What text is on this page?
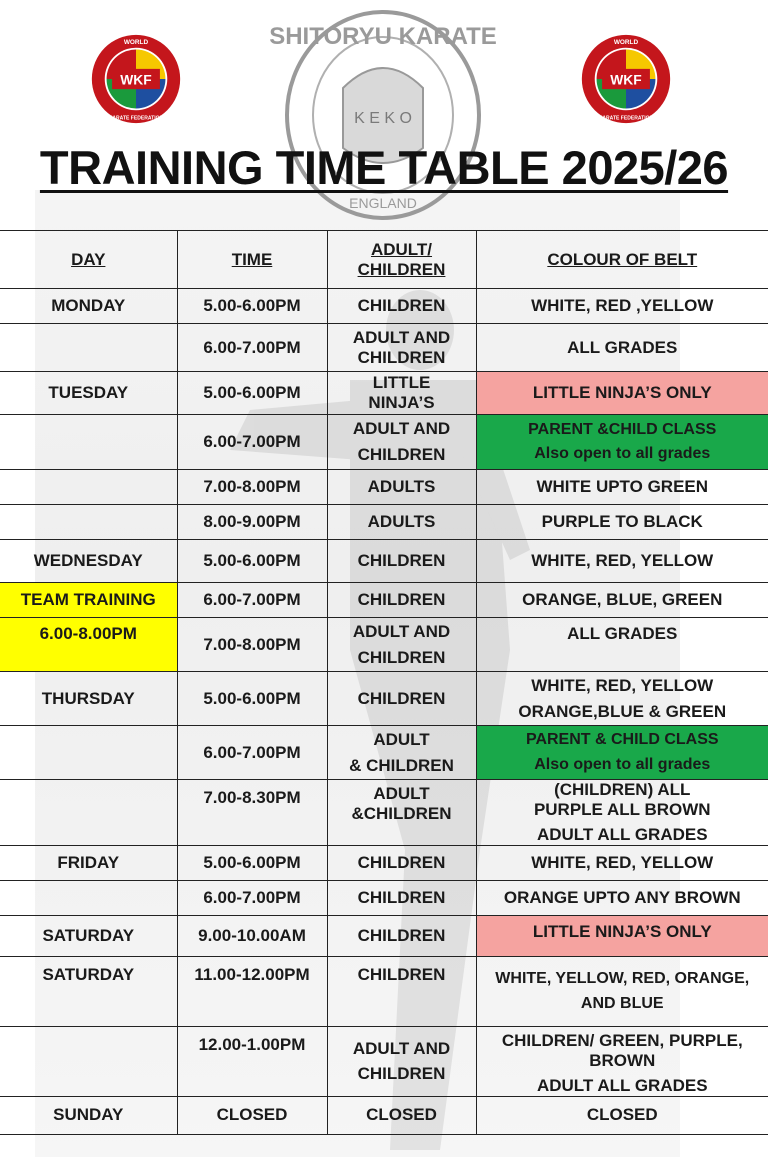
WKF
WORLD
KARATE FEDERATION
WKF
WORLD
KARATE FEDERATION
SHITORYU KARATE
K E K O
ENGLAND
TRAINING TIME TABLE 2025/26
DAY	TIME	ADULT/
CHILDREN	COLOUR OF BELT
MONDAY	5.00-6.00PM	CHILDREN	WHITE, RED ,YELLOW

	6.00-7.00PM	ADULT AND
CHILDREN	ALL GRADES

TUESDAY	5.00-6.00PM	LITTLE
NINJA’S	LITTLE NINJA’S ONLY

	6.00-7.00PM	ADULT AND
CHILDREN	PARENT &CHILD CLASS
Also open to all grades

	7.00-8.00PM	ADULTS	WHITE UPTO GREEN

	8.00-9.00PM	ADULTS	PURPLE TO BLACK

WEDNESDAY	5.00-6.00PM	CHILDREN	WHITE, RED, YELLOW

TEAM TRAINING	6.00-7.00PM	CHILDREN	ORANGE, BLUE, GREEN

6.00-8.00PM	7.00-8.00PM	ADULT AND
CHILDREN	ALL GRADES

THURSDAY	5.00-6.00PM	CHILDREN	WHITE, RED, YELLOW
ORANGE,BLUE & GREEN

	6.00-7.00PM	ADULT
& CHILDREN	PARENT & CHILD CLASS
Also open to all grades

	7.00-8.30PM	ADULT
&CHILDREN	(CHILDREN) ALL PURPLE ALL BROWN
ADULT ALL GRADES

FRIDAY	5.00-6.00PM	CHILDREN	WHITE, RED, YELLOW

	6.00-7.00PM	CHILDREN	ORANGE UPTO ANY BROWN

SATURDAY	9.00-10.00AM	CHILDREN	LITTLE NINJA’S ONLY

SATURDAY	11.00-12.00PM	CHILDREN	WHITE, YELLOW, RED, ORANGE,
AND BLUE

	12.00-1.00PM	ADULT AND
CHILDREN	CHILDREN/ GREEN, PURPLE, BROWN
ADULT ALL GRADES

SUNDAY	CLOSED	CLOSED	CLOSED
